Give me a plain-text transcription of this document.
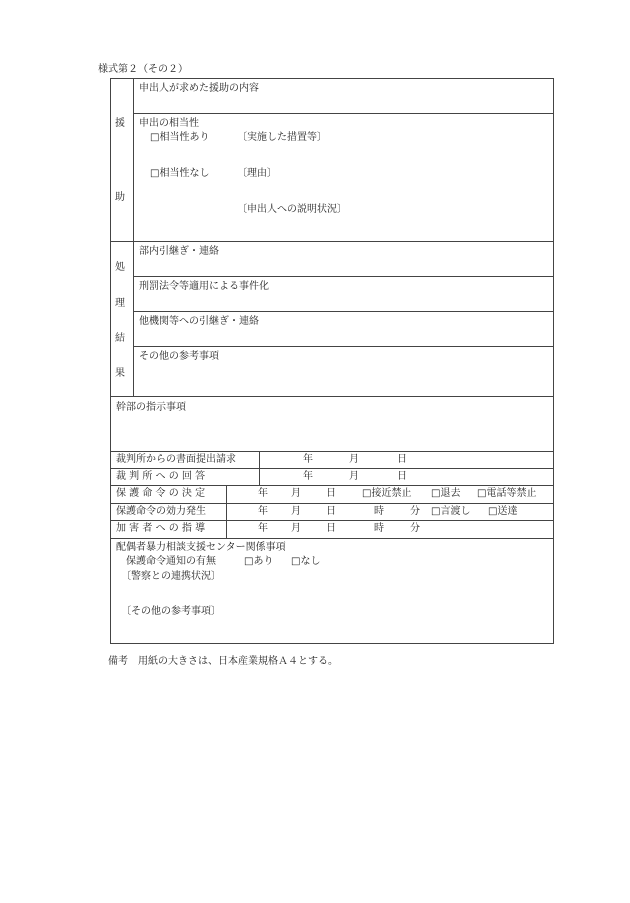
様式第２（その２）
援
助
申出人が求めた援助の内容
申出の相当性
□相当性あり	〔実施した措置等〕
□相当性なし	〔理由〕
〔申出人への説明状況〕
処
理
結
果
部内引継ぎ・連絡
刑罰法令等適用による事件化
他機関等への引継ぎ・連絡
その他の参考事項
幹部の指示事項
裁判所からの書面提出請求	年	月	日
裁 判 所 へ の 回 答	年	月	日
保 護 命 令 の 決 定	年 月	日	□接近禁止 □退去 □電話等禁止
保護命令の効力発生	年 月	日	時	分 □言渡し □送達
加 害 者 へ の 指 導	年 月	日	時	分
配偶者暴力相談支援センター関係事項
保護命令通知の有無	□あり □なし
〔警察との連携状況〕
〔その他の参考事項〕
備考　用紙の大きさは、日本産業規格Ａ４とする。
